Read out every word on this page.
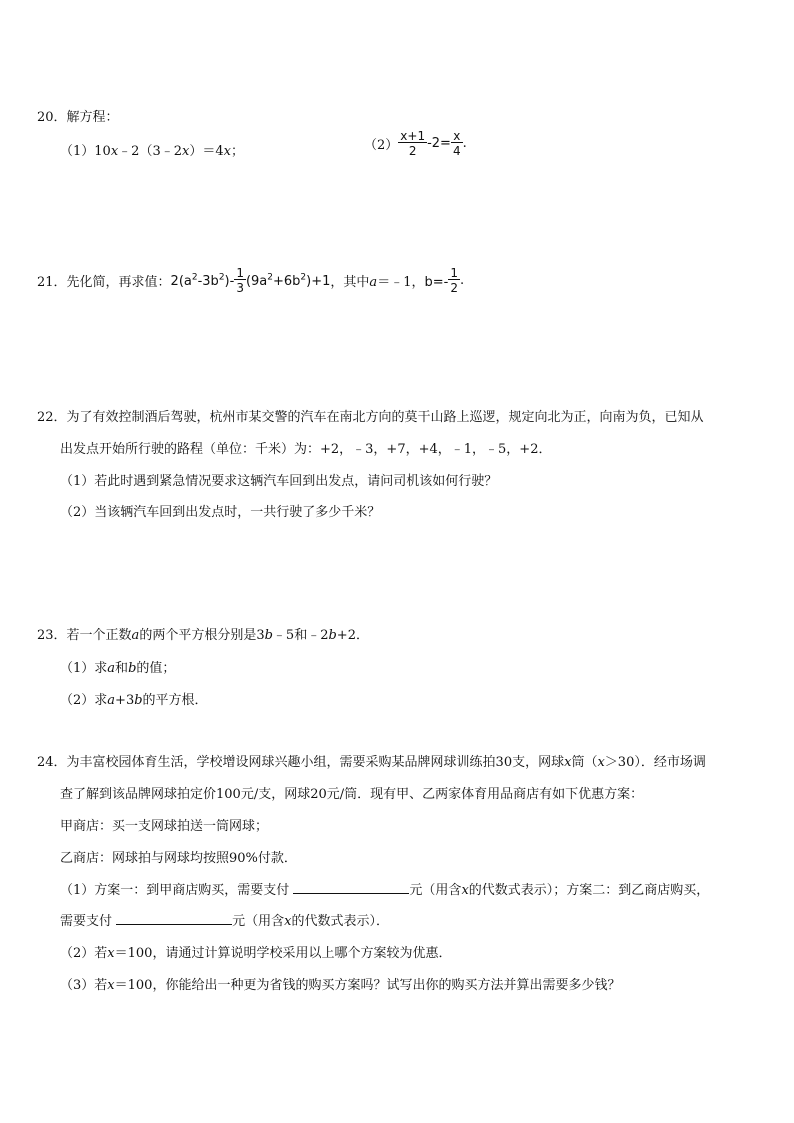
20．解方程：
（1）10x﹣2（3﹣2x）＝4x；	$(2) \frac{x+1}{2} -2= \frac{x}{4}$ .
21．先化简，再求值：$2(a^2-3b^2)- \frac{1}{3} (9a^2+6b^2)+1$，其中a＝﹣1，$b=- \frac{1}{2}$ .
22．为了有效控制酒后驾驶，杭州市某交警的汽车在南北方向的莫干山路上巡逻，规定向北为正，向南为负，已知从
出发点开始所行驶的路程（单位：千米）为：+2，﹣3，+7，+4，﹣1，﹣5，+2．
（1）若此时遇到紧急情况要求这辆汽车回到出发点，请问司机该如何行驶？
（2）当该辆汽车回到出发点时，一共行驶了多少千米？
23．若一个正数a的两个平方根分别是3b﹣5和﹣2b+2．
（1）求a和b的值；
（2）求a+3b的平方根．
24．为丰富校园体育生活，学校增设网球兴趣小组，需要采购某品牌网球训练拍30支，网球x筒（x＞30）．经市场调
查了解到该品牌网球拍定价100元/支，网球20元/筒．现有甲、乙两家体育用品商店有如下优惠方案：
甲商店：买一支网球拍送一筒网球；
乙商店：网球拍与网球均按照90%付款．
（1）方案一：到甲商店购买，需要支付	元（用含x的代数式表示）；方案二：到乙商店购买，
需要支付	元（用含x的代数式表示）．
（2）若x＝100，请通过计算说明学校采用以上哪个方案较为优惠．
（3）若x＝100，你能给出一种更为省钱的购买方案吗？试写出你的购买方法并算出需要多少钱？
